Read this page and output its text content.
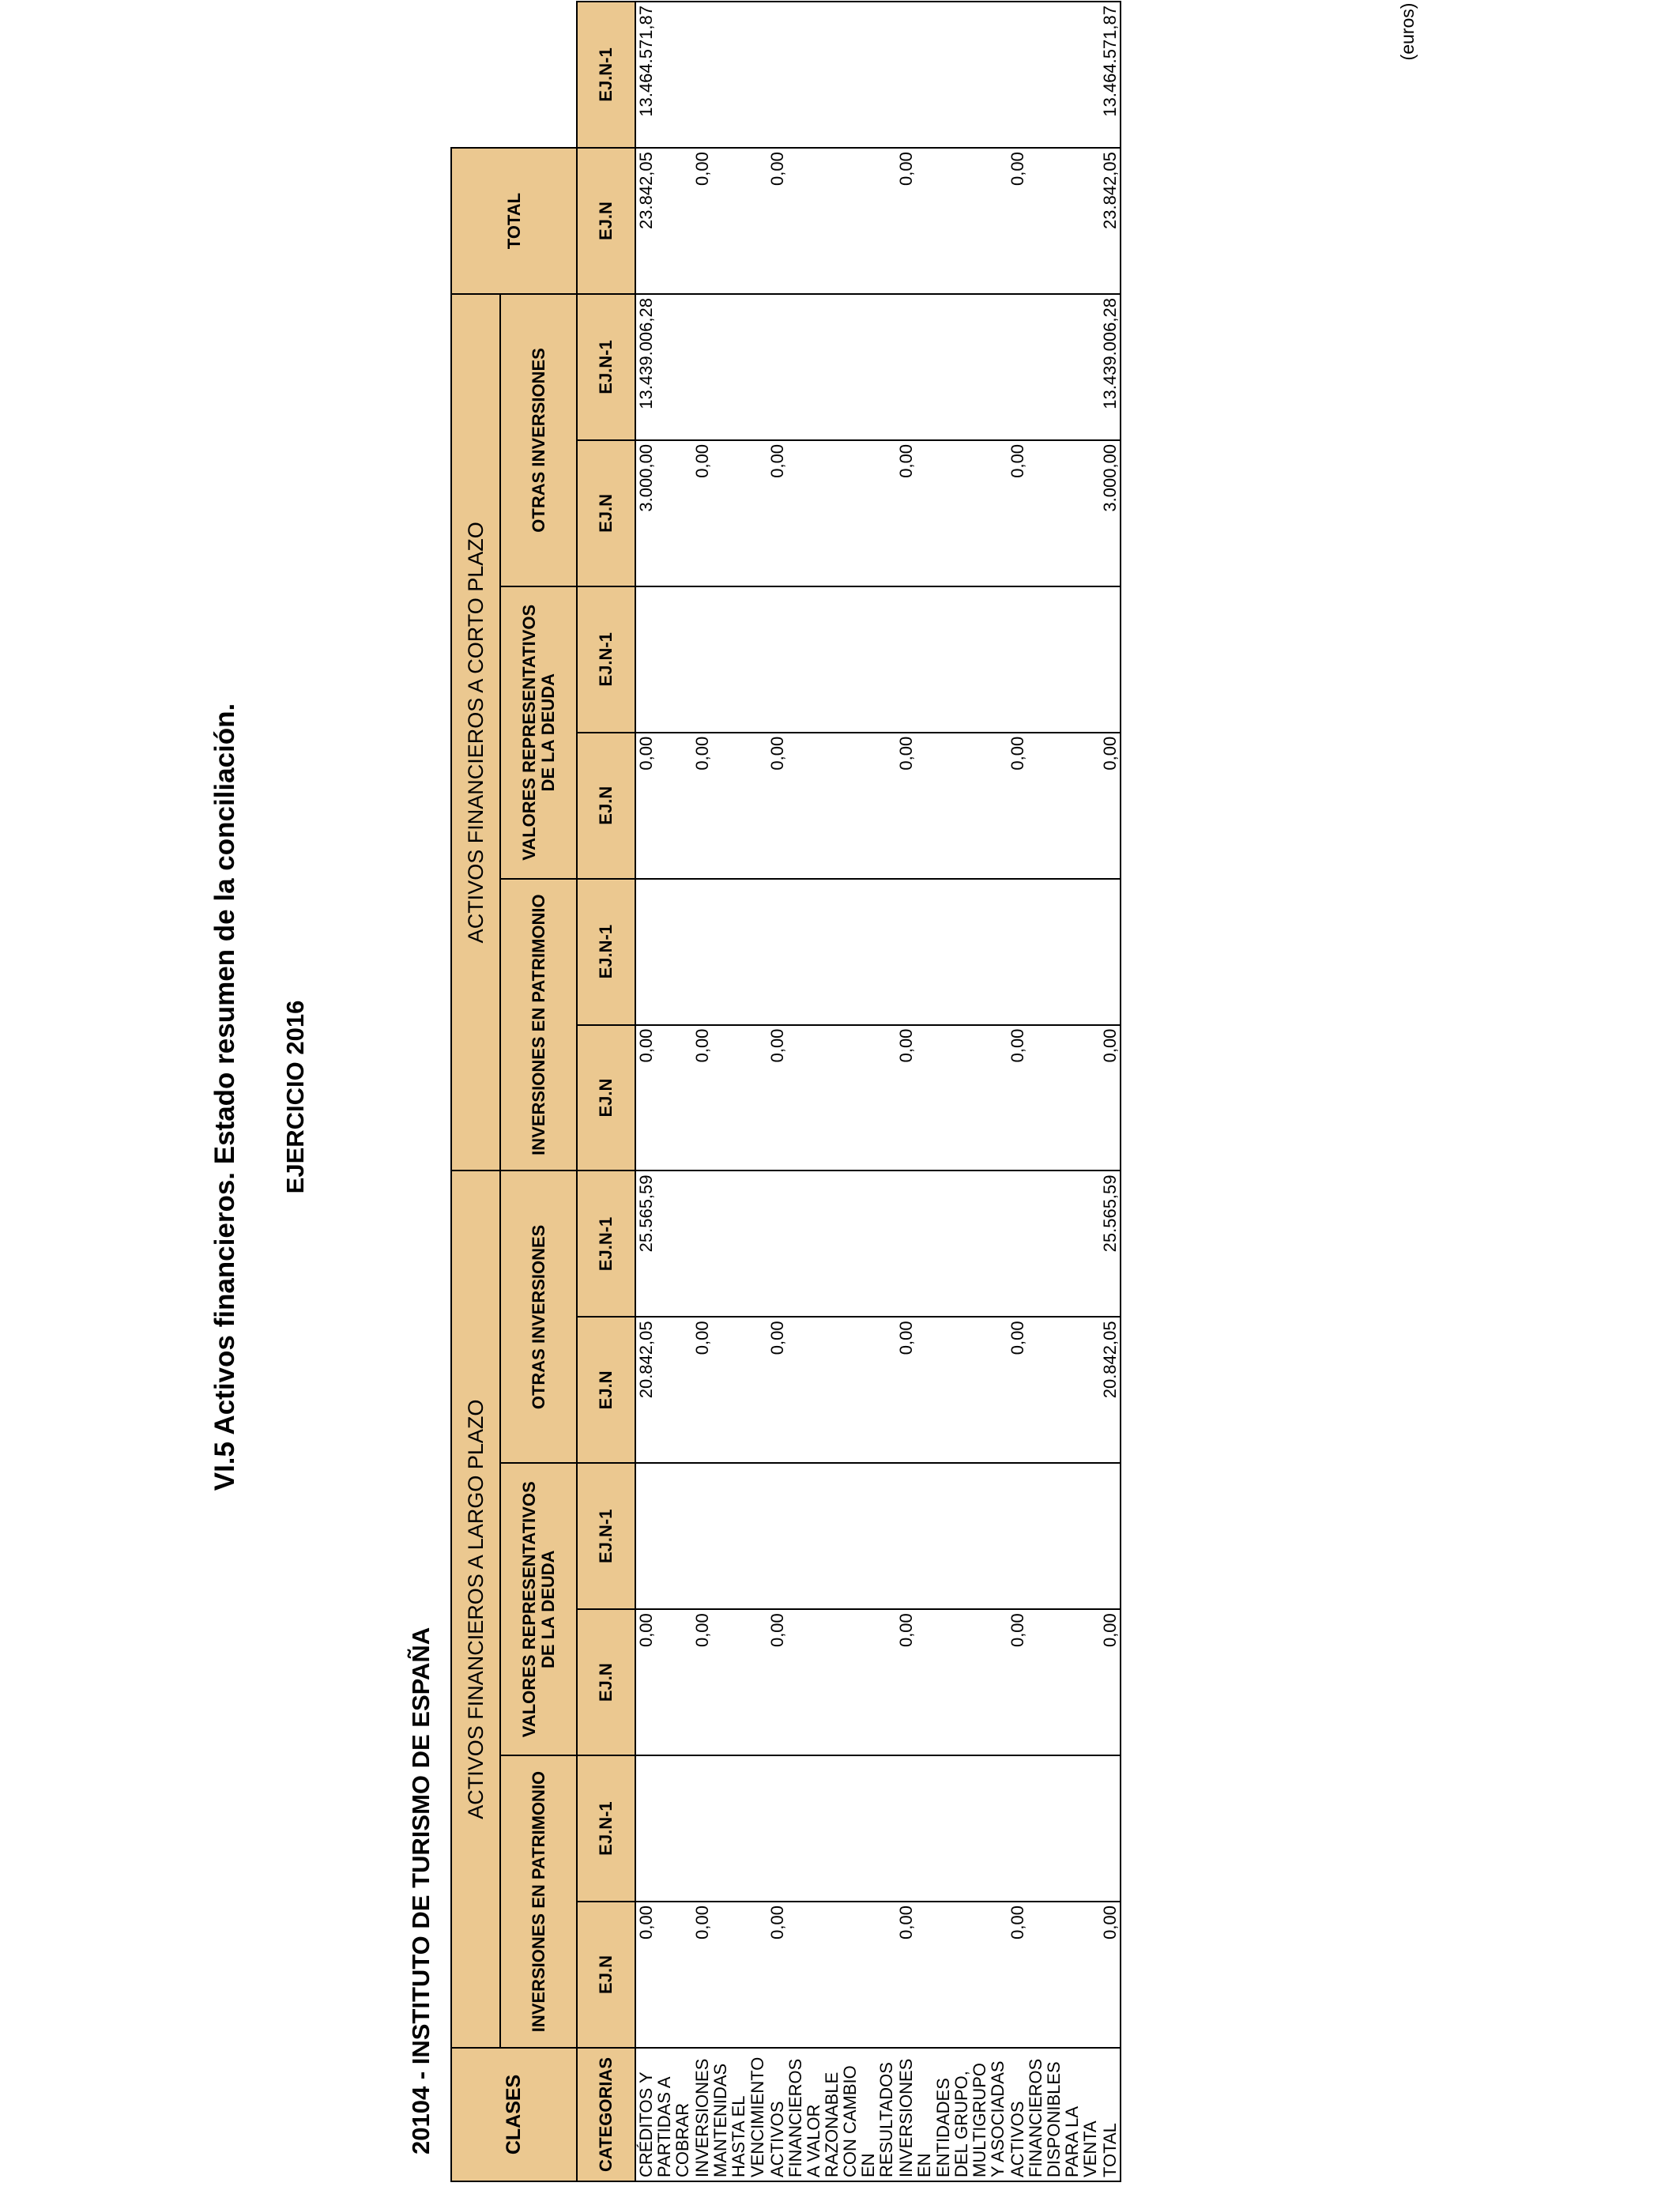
VI.5 Activos financieros. Estado resumen de la conciliación. EJERCICIO 2016
(euros)
20104 - INSTITUTO DE TURISMO DE ESPAÑA	CLASES	ACTIVOS FINANCIEROS A LARGO PLAZO						ACTIVOS FINANCIEROS A CORTO PLAZO						TOTAL	
	INVERSIONES EN PATRIMONIO		VALORES REPRESENTATIVOS DE LA DEUDA		OTRAS INVERSIONES		INVERSIONES EN PATRIMONIO		VALORES REPRESENTATIVOS DE LA DEUDA		OTRAS INVERSIONES			
CATEGORIAS	EJ.N	EJ.N-1	EJ.N	EJ.N-1	EJ.N	EJ.N-1	EJ.N	EJ.N-1	EJ.N	EJ.N-1	EJ.N	EJ.N-1	EJ.N	EJ.N-1
CRÉDITOS Y PARTIDAS A COBRAR	0,00		0,00		20.842,05	25.565,59	0,00		0,00		3.000,00	13.439.006,28	23.842,05	13.464.571,87
INVERSIONES MANTENIDAS HASTA EL VENCIMIENTO	0,00		0,00		0,00		0,00		0,00		0,00		0,00	
ACTIVOS FINANCIEROS A VALOR RAZONABLE CON CAMBIO EN RESULTADOS	0,00		0,00		0,00		0,00		0,00		0,00		0,00	
INVERSIONES EN ENTIDADES DEL GRUPO, MULTIGRUPO Y ASOCIADAS	0,00		0,00		0,00		0,00		0,00		0,00		0,00	
ACTIVOS FINANCIEROS DISPONIBLES PARA LA VENTA	0,00		0,00		0,00		0,00		0,00		0,00		0,00	
TOTAL	0,00		0,00		20.842,05	25.565,59	0,00		0,00		3.000,00	13.439.006,28	23.842,05	13.464.571,87
